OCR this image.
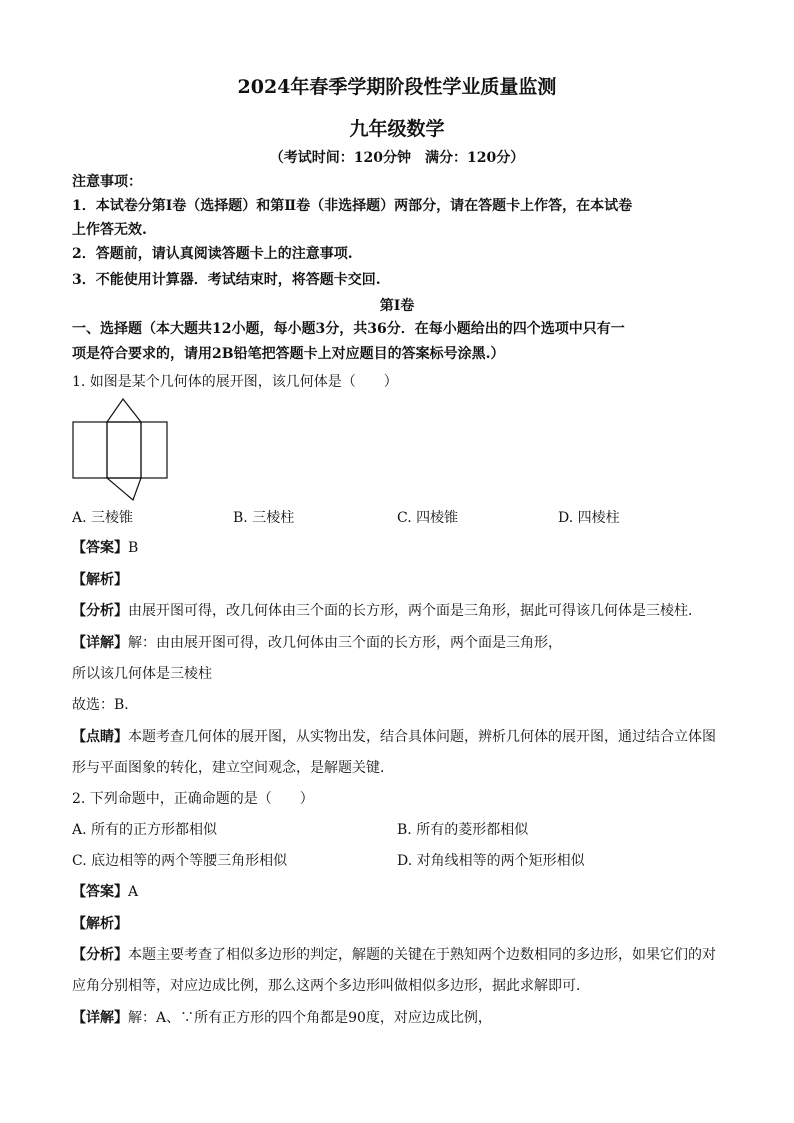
2024年春季学期阶段性学业质量监测
九年级数学
（考试时间：120分钟　满分：120分）
注意事项：
1．本试卷分第Ⅰ卷（选择题）和第Ⅱ卷（非选择题）两部分，请在答题卡上作答，在本试卷
上作答无效.
2．答题前，请认真阅读答题卡上的注意事项.
3．不能使用计算器．考试结束时，将答题卡交回.
第Ⅰ卷
一、选择题（本大题共12小题，每小题3分，共36分．在每小题给出的四个选项中只有一
项是符合要求的，请用2B铅笔把答题卡上对应题目的答案标号涂黑.）
1. 如图是某个几何体的展开图，该几何体是（　　）
A. 三棱锥	B. 三棱柱	C. 四棱锥	D. 四棱柱
【答案】B
【解析】
【分析】由展开图可得，改几何体由三个面的长方形，两个面是三角形，据此可得该几何体是三棱柱．
【详解】解：由由展开图可得，改几何体由三个面的长方形，两个面是三角形，
所以该几何体是三棱柱
故选：B．
【点睛】本题考查几何体的展开图，从实物出发，结合具体问题，辨析几何体的展开图，通过结合立体图
形与平面图象的转化，建立空间观念，是解题关键．
2. 下列命题中，正确命题的是（　　）
A. 所有的正方形都相似	B. 所有的菱形都相似
C. 底边相等的两个等腰三角形相似	D. 对角线相等的两个矩形相似
【答案】A
【解析】
【分析】本题主要考查了相似多边形的判定，解题的关键在于熟知两个边数相同的多边形，如果它们的对
应角分别相等，对应边成比例，那么这两个多边形叫做相似多边形，据此求解即可．
【详解】解：A、∵所有正方形的四个角都是90度，对应边成比例，
